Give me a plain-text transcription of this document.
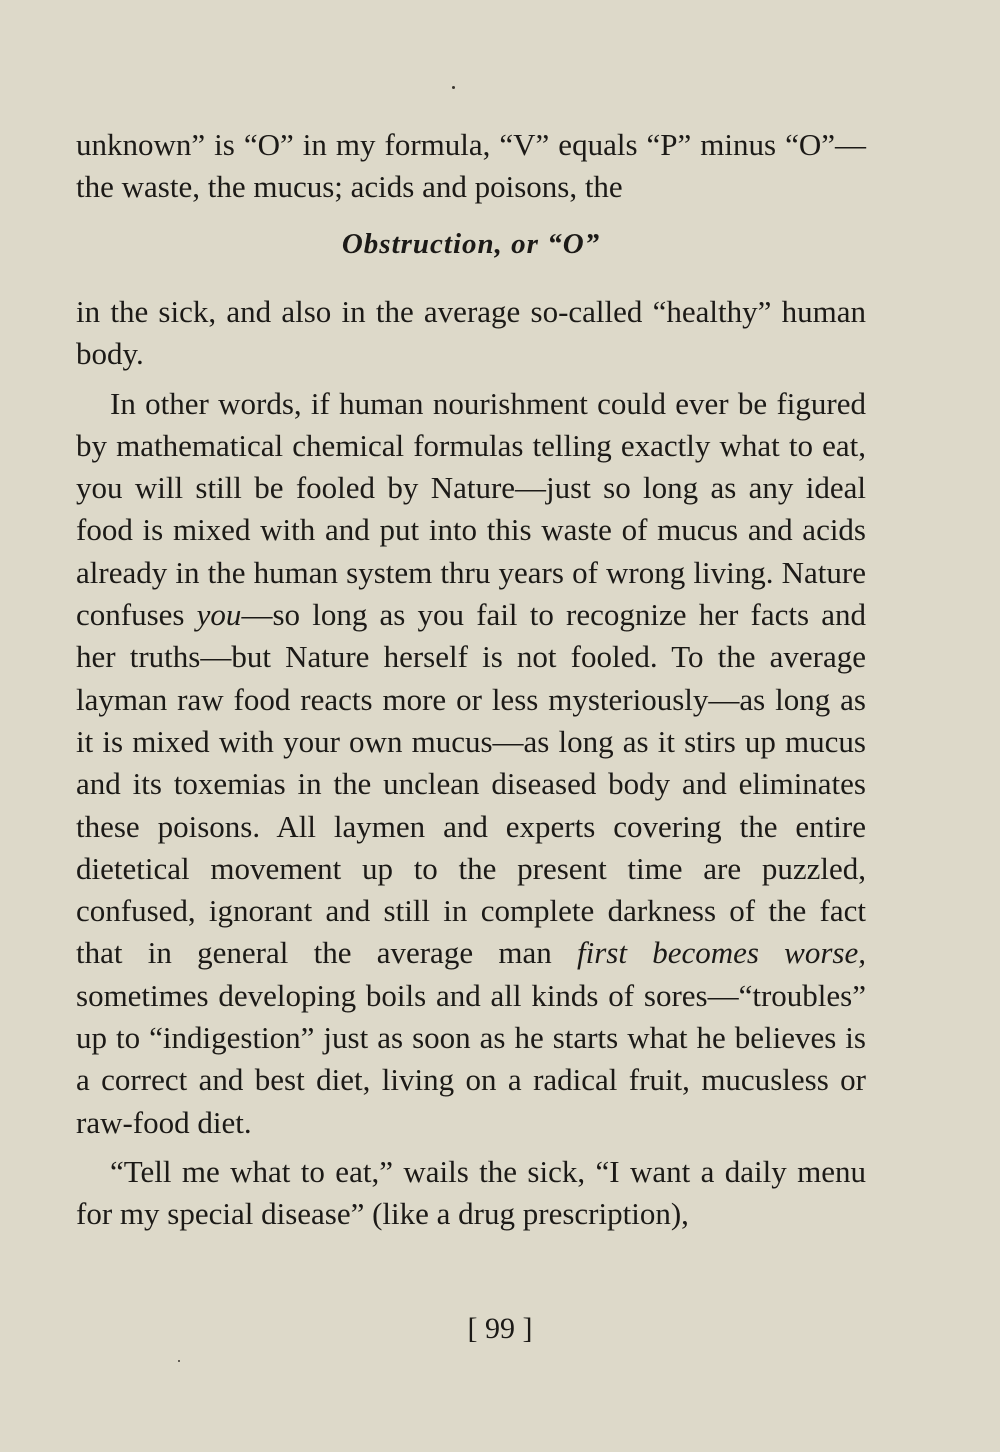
unknown” is “O” in my formula, “V” equals “P” minus “O”—the waste, the mucus; acids and poisons, the

Obstruction, or “O”

in the sick, and also in the average so-called “healthy” human body.

In other words, if human nourishment could ever be figured by mathematical chemical formulas telling exactly what to eat, you will still be fooled by Nature—just so long as any ideal food is mixed with and put into this waste of mucus and acids already in the human system thru years of wrong living. Nature confuses you—so long as you fail to recognize her facts and her truths—but Nature herself is not fooled. To the average layman raw food reacts more or less mysteriously—as long as it is mixed with your own mucus—as long as it stirs up mucus and its toxemias in the unclean diseased body and eliminates these poisons. All laymen and experts covering the entire dietetical movement up to the present time are puzzled, confused, ignorant and still in complete darkness of the fact that in general the average man first becomes worse, sometimes developing boils and all kinds of sores—“troubles” up to “indigestion” just as soon as he starts what he believes is a correct and best diet, living on a radical fruit, mucusless or raw-food diet.

“Tell me what to eat,” wails the sick, “I want a daily menu for my special disease” (like a drug prescription),

[ 99 ]
